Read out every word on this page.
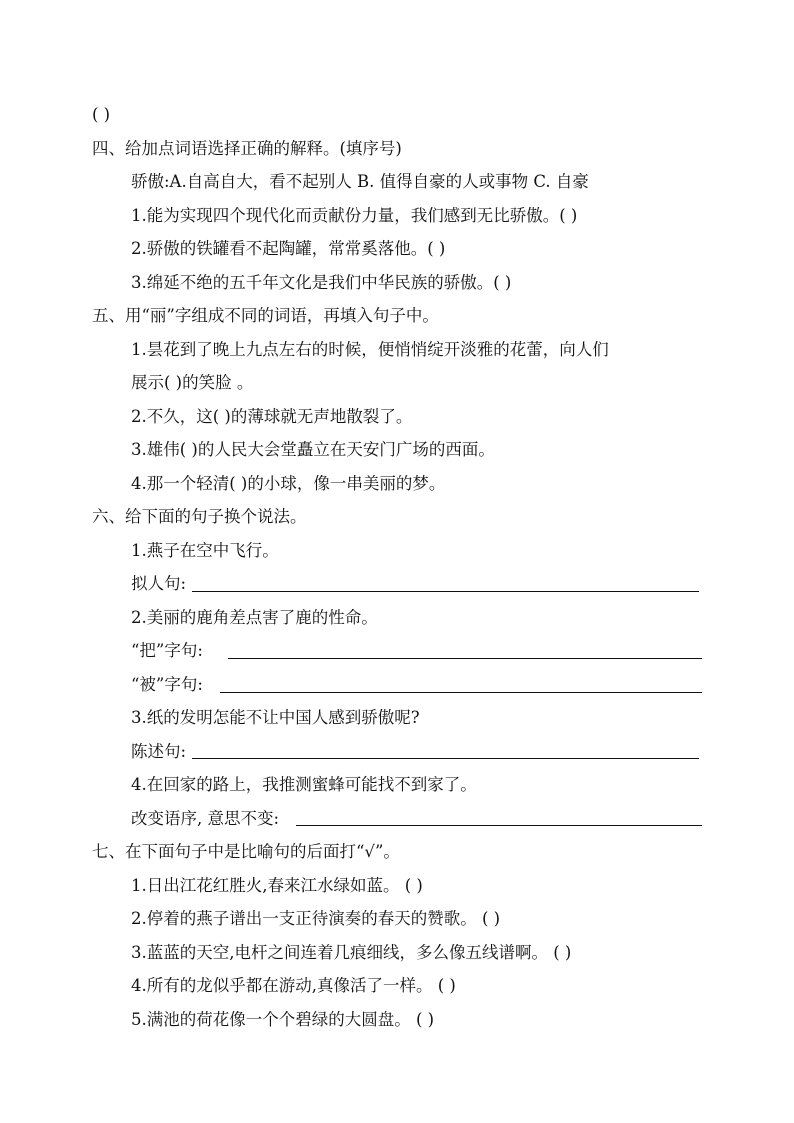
( )
四、给加点词语选择正确的解释。(填序号)
骄傲:A.自高自大，看不起别人 B. 值得自豪的人或事物 C. 自豪
1.能为实现四个现代化而贡献份力量，我们感到无比骄傲。( )
2.骄傲的铁罐看不起陶罐，常常奚落他。( )
3.绵延不绝的五千年文化是我们中华民族的骄傲。( )
五、用“丽”字组成不同的词语，再填入句子中。
1.昙花到了晚上九点左右的时候，便悄悄绽开淡雅的花蕾，向人们
展示( )的笑脸 。
2.不久，这( )的薄球就无声地散裂了。
3.雄伟( )的人民大会堂矗立在天安门广场的西面。
4.那一个轻清( )的小球，像一串美丽的梦。
六、给下面的句子换个说法。
1.燕子在空中飞行。
拟人句:
2.美丽的鹿角差点害了鹿的性命。
“把”字句:
“被”字句:
3.纸的发明怎能不让中国人感到骄傲呢?
陈述句:
4.在回家的路上，我推测蜜蜂可能找不到家了。
改变语序, 意思不变:
七、在下面句子中是比喻句的后面打“√”。
1.日出江花红胜火,春来江水绿如蓝。 ( )
2.停着的燕子谱出一支正待演奏的春天的赞歌。 ( )
3.蓝蓝的天空,电杆之间连着几痕细线，多么像五线谱啊。 ( )
4.所有的龙似乎都在游动,真像活了一样。 ( )
5.满池的荷花像一个个碧绿的大圆盘。 ( )
